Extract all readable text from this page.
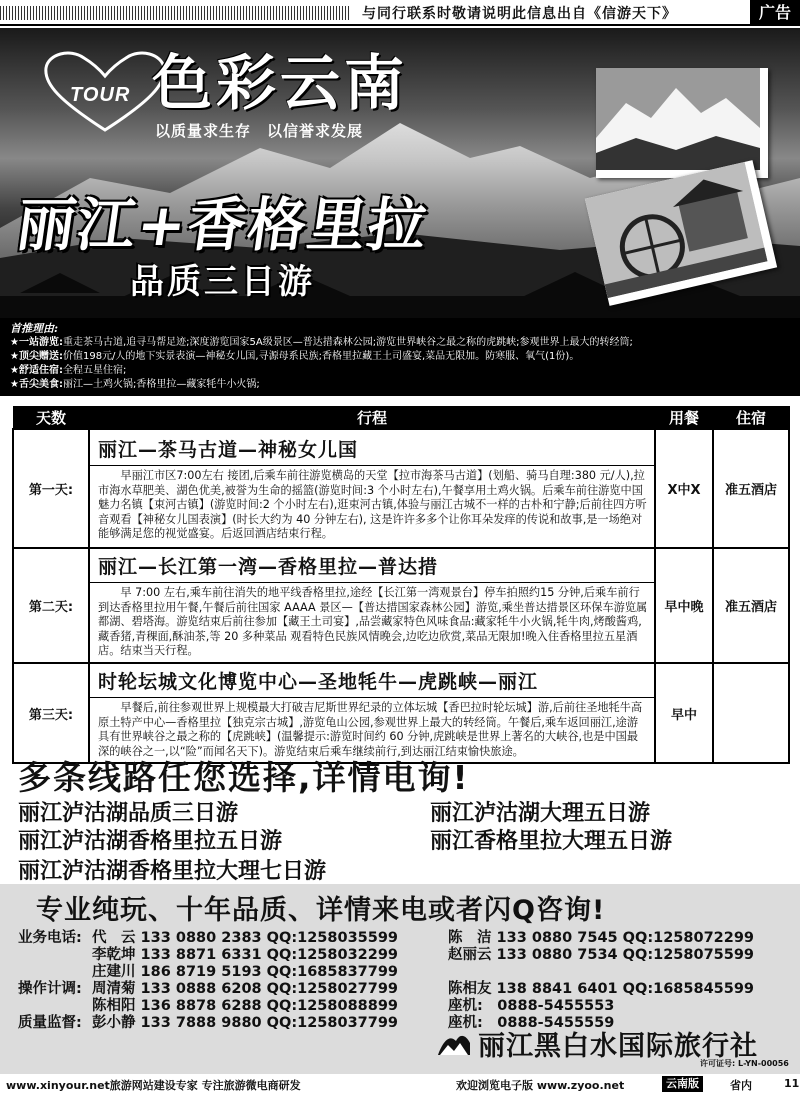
与同行联系时敬请说明此信息出自《信游天下》	广告
TOUR 色彩云南
以质量求生存　以信誉求发展
丽江+香格里拉
品质三日游
首推理由:
★一站游览:重走茶马古道,追寻马帮足迹;深度游览国家5A级景区—普达措森林公园;游览世界峡谷之最之称的虎跳峡;参观世界上最大的转经筒;
★顶尖赠送:价值198元/人的地下实景表演—神秘女儿国,寻源母系民族;香格里拉藏王土司盛宴,菜品无限加。防寒服、氧气(1份)。
★舒适住宿:全程五星住宿;
★舌尖美食:丽江—土鸡火锅;香格里拉—藏家牦牛小火锅;
天数	行程	用餐	住宿
第一天:	丽江—茶马古道—神秘女儿国
早丽江市区7:00左右 接团,后乘车前往游览横岛的天堂【拉市海茶马古道】(划船、骑马自理:380 元/人),拉市海水草肥美、湖色优美,被誉为生命的摇篮(游览时间:3 个小时左右),午餐享用土鸡火锅。后乘车前往游览中国魅力名镇【束河古镇】(游览时间:2 个小时左右),逛束河古镇,体验与丽江古城不一样的古朴和宁静;后前往四方听音观看【神秘女儿国表演】(时长大约为 40 分钟左右), 这是许许多多个让你耳朵发痒的传说和故事,是一场绝对能够满足您的视觉盛宴。后返回酒店结束行程。	X中X	准五酒店
第二天:	丽江—长江第一湾—香格里拉—普达措
早 7:00 左右,乘车前往消失的地平线香格里拉,途经【长江第一湾观景台】停车拍照约15 分钟,后乘车前行到达香格里拉用午餐,午餐后前往国家 AAAA 景区—【普达措国家森林公园】游览,乘坐普达措景区环保车游览属都湖、碧塔海。游览结束后前往参加【藏王土司宴】,品尝藏家特色风味食品:藏家牦牛小火锅,牦牛肉,烤酸酱鸡,藏香猪,青稞面,酥油茶,等 20 多种菜品 观看特色民族风情晚会,边吃边欣赏,菜品无限加!晚入住香格里拉五星酒店。结束当天行程。	早中晚	准五酒店
第三天:	时轮坛城文化博览中心—圣地牦牛—虎跳峡—丽江
早餐后,前往参观世界上规模最大打破吉尼斯世界纪录的立体坛城【香巴拉时轮坛城】游,后前往圣地牦牛高原土特产中心—香格里拉【独克宗古城】,游览龟山公园,参观世界上最大的转经筒。午餐后,乘车返回丽江,途游具有世界峡谷之最之称的【虎跳峡】(温馨提示:游览时间约 60 分钟,虎跳峡是世界上著名的大峡谷,也是中国最深的峡谷之一,以“险”而闻名天下)。游览结束后乘车继续前行,到达丽江结束愉快旅途。	早中	
多条线路任您选择,详情电询!
丽江泸沽湖品质三日游	丽江泸沽湖大理五日游
丽江泸沽湖香格里拉五日游	丽江香格里拉大理五日游
丽江泸沽湖香格里拉大理七日游
专业纯玩、十年品质、详情来电或者闪Q咨询!
业务电话: 代　云 133 0880 2383 QQ:1258035599	陈　洁 133 0880 7545 QQ:1258072299
李乾坤 133 8871 6331 QQ:1258032299	赵丽云 133 0880 7534 QQ:1258075599
庄建川 186 8719 5193 QQ:1685837799
操作计调: 周清菊 133 0888 6208 QQ:1258027799	陈相友 138 8841 6401 QQ:1685845599
陈相阳 136 8878 6288 QQ:1258088899	座机:　0888-5455553
质量监督: 彭小静 133 7888 9880 QQ:1258037799	座机:　0888-5455559
丽江黑白水国际旅行社
许可证号: L-YN-00056
www.xinyour.net旅游网站建设专家 专注旅游微电商研发	欢迎浏览电子版 www.zyoo.net	云南版	省内	11
